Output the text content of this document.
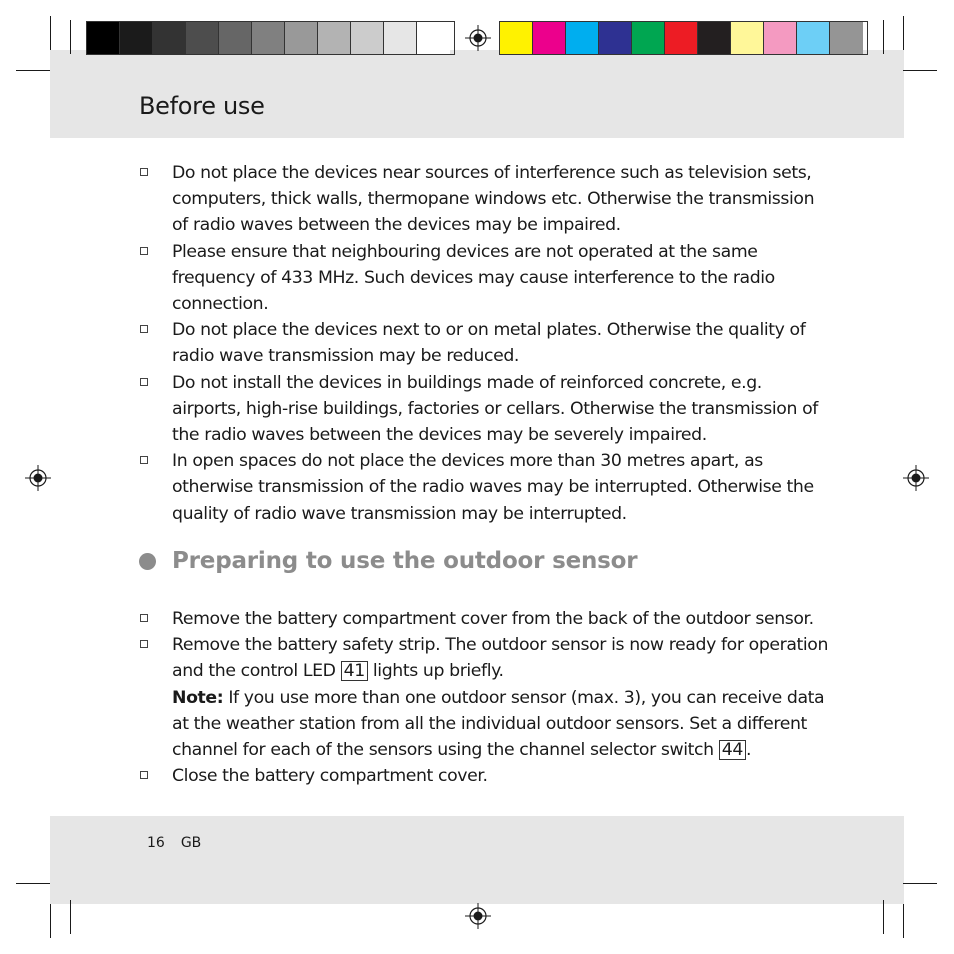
Before use
Do not place the devices near sources of interference such as television sets, computers, thick walls, thermopane windows etc. Otherwise the transmission of radio waves between the devices may be impaired.
Please ensure that neighbouring devices are not operated at the same frequency of 433 MHz. Such devices may cause interference to the radio connection.
Do not place the devices next to or on metal plates. Otherwise the quality of radio wave transmission may be reduced.
Do not install the devices in buildings made of reinforced concrete, e.g. airports, high-rise buildings, factories or cellars. Otherwise the transmission of the radio waves between the devices may be severely impaired.
In open spaces do not place the devices more than 30 metres apart, as otherwise transmission of the radio waves may be interrupted. Otherwise the quality of radio wave transmission may be interrupted.
Preparing to use the outdoor sensor
Remove the battery compartment cover from the back of the outdoor sensor.
Remove the battery safety strip. The outdoor sensor is now ready for operation and the control LED 41 lights up briefly.
Note: If you use more than one outdoor sensor (max. 3), you can receive data at the weather station from all the individual outdoor sensors. Set a different channel for each of the sensors using the channel selector switch 44 .
Close the battery compartment cover.
16 GB
